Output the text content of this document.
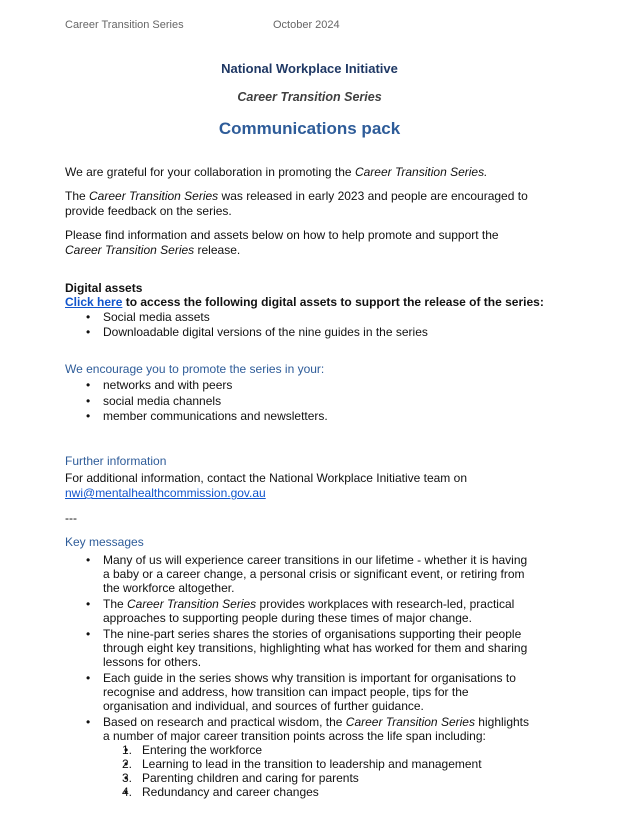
Career Transition Series	October 2024
National Workplace Initiative
Career Transition Series
Communications pack

We are grateful for your collaboration in promoting the Career Transition Series.

The Career Transition Series was released in early 2023 and people are encouraged to provide feedback on the series.

Please find information and assets below on how to help promote and support the Career Transition Series release.

Digital assets

Click here to access the following digital assets to support the release of the series:

• Social media assets
• Downloadable digital versions of the nine guides in the series

We encourage you to promote the series in your:

• networks and with peers
• social media channels
• member communications and newsletters.

Further information

For additional information, contact the National Workplace Initiative team on

nwi@mentalhealthcommission.gov.au

---

Key messages

• Many of us will experience career transitions in our lifetime - whether it is having a baby or a career change, a personal crisis or significant event, or retiring from the workforce altogether.
• The Career Transition Series provides workplaces with research-led, practical approaches to supporting people during these times of major change.
• The nine-part series shares the stories of organisations supporting their people through eight key transitions, highlighting what has worked for them and sharing lessons for others.
• Each guide in the series shows why transition is important for organisations to recognise and address, how transition can impact people, tips for the organisation and individual, and sources of further guidance.
• Based on research and practical wisdom, the Career Transition Series highlights a number of major career transition points across the life span including:
• 1. Entering the workforce
• 2. Learning to lead in the transition to leadership and management
• 3. Parenting children and caring for parents
• 4. Redundancy and career changes
